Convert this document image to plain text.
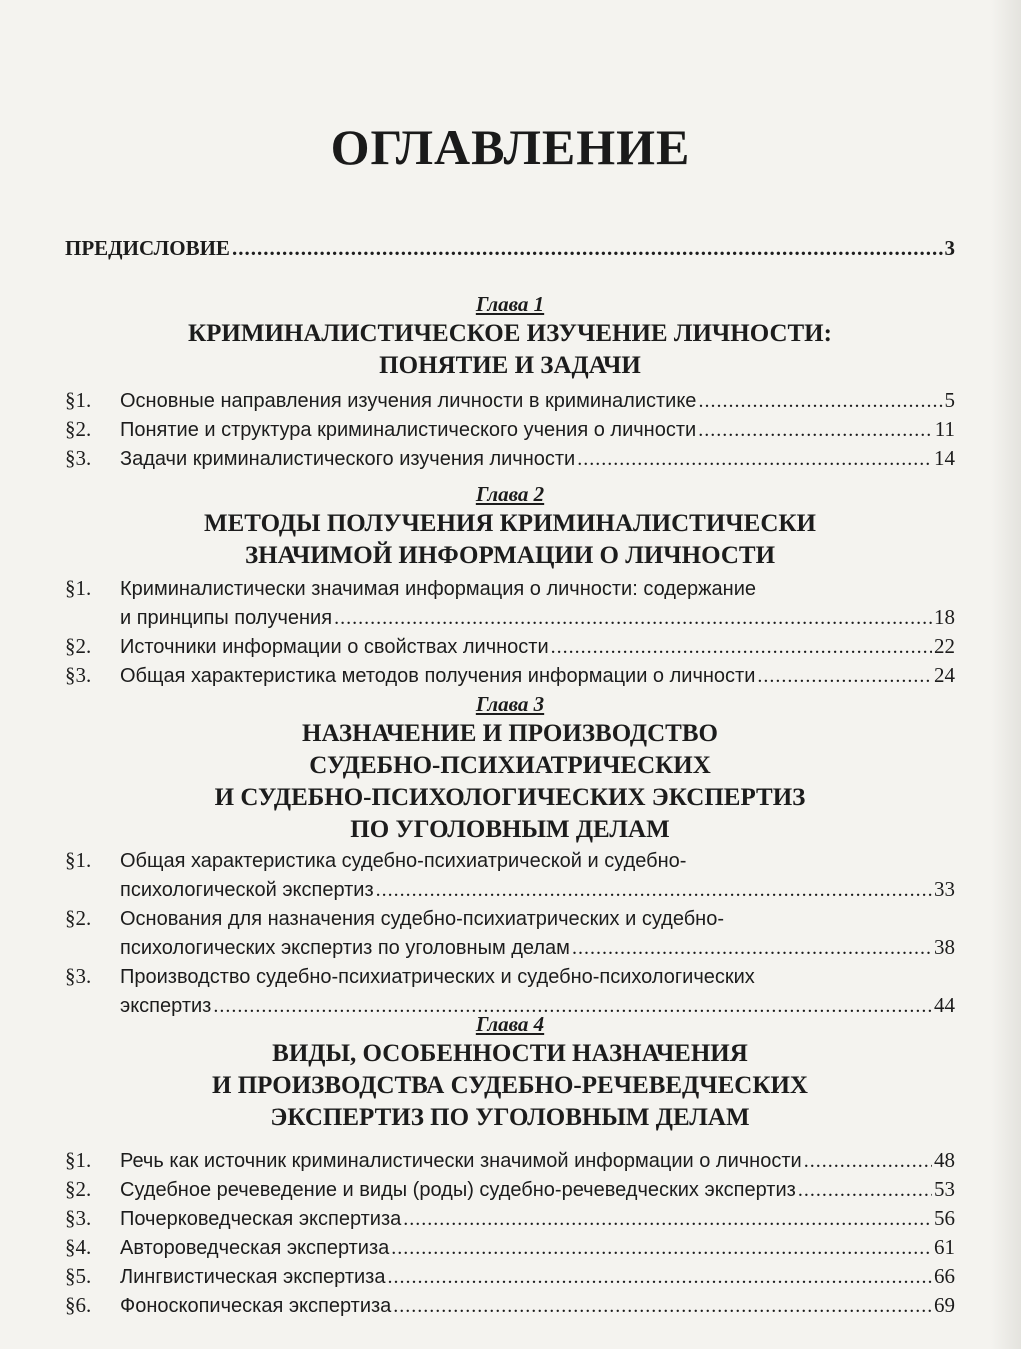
ОГЛАВЛЕНИЕ
ПРЕДИСЛОВИЕ .....	3
Глава 1
КРИМИНАЛИСТИЧЕСКОЕ ИЗУЧЕНИЕ ЛИЧНОСТИ:
ПОНЯТИЕ И ЗАДАЧИ
§1.	Основные направления изучения личности в криминалистике .....	5
§2.	Понятие и структура криминалистического учения о личности .....	11
§3.	Задачи криминалистического изучения личности .....	14
Глава 2
МЕТОДЫ ПОЛУЧЕНИЯ КРИМИНАЛИСТИЧЕСКИ
ЗНАЧИМОЙ ИНФОРМАЦИИ О ЛИЧНОСТИ
§1.	Криминалистически значимая информация о личности: содержание
и принципы получения .....	18
§2.	Источники информации о свойствах личности .....	22
§3.	Общая характеристика методов получения информации о личности .....	24
Глава 3
НАЗНАЧЕНИЕ И ПРОИЗВОДСТВО
СУДЕБНО-ПСИХИАТРИЧЕСКИХ
И СУДЕБНО-ПСИХОЛОГИЧЕСКИХ ЭКСПЕРТИЗ
ПО УГОЛОВНЫМ ДЕЛАМ
§1.	Общая характеристика судебно-психиатрической и судебно-
психологической экспертиз .....	33
§2.	Основания для назначения судебно-психиатрических и судебно-
психологических экспертиз по уголовным делам .....	38
§3.	Производство судебно-психиатрических и судебно-психологических
экспертиз .....	44
Глава 4
ВИДЫ, ОСОБЕННОСТИ НАЗНАЧЕНИЯ
И ПРОИЗВОДСТВА СУДЕБНО-РЕЧЕВЕДЧЕСКИХ
ЭКСПЕРТИЗ ПО УГОЛОВНЫМ ДЕЛАМ
§1.	Речь как источник криминалистически значимой информации о личности .....	48
§2.	Судебное речеведение и виды (роды) судебно-речеведческих экспертиз .....	53
§3.	Почерковедческая экспертиза .....	56
§4.	Автороведческая экспертиза .....	61
§5.	Лингвистическая экспертиза .....	66
§6.	Фоноскопическая экспертиза .....	69
